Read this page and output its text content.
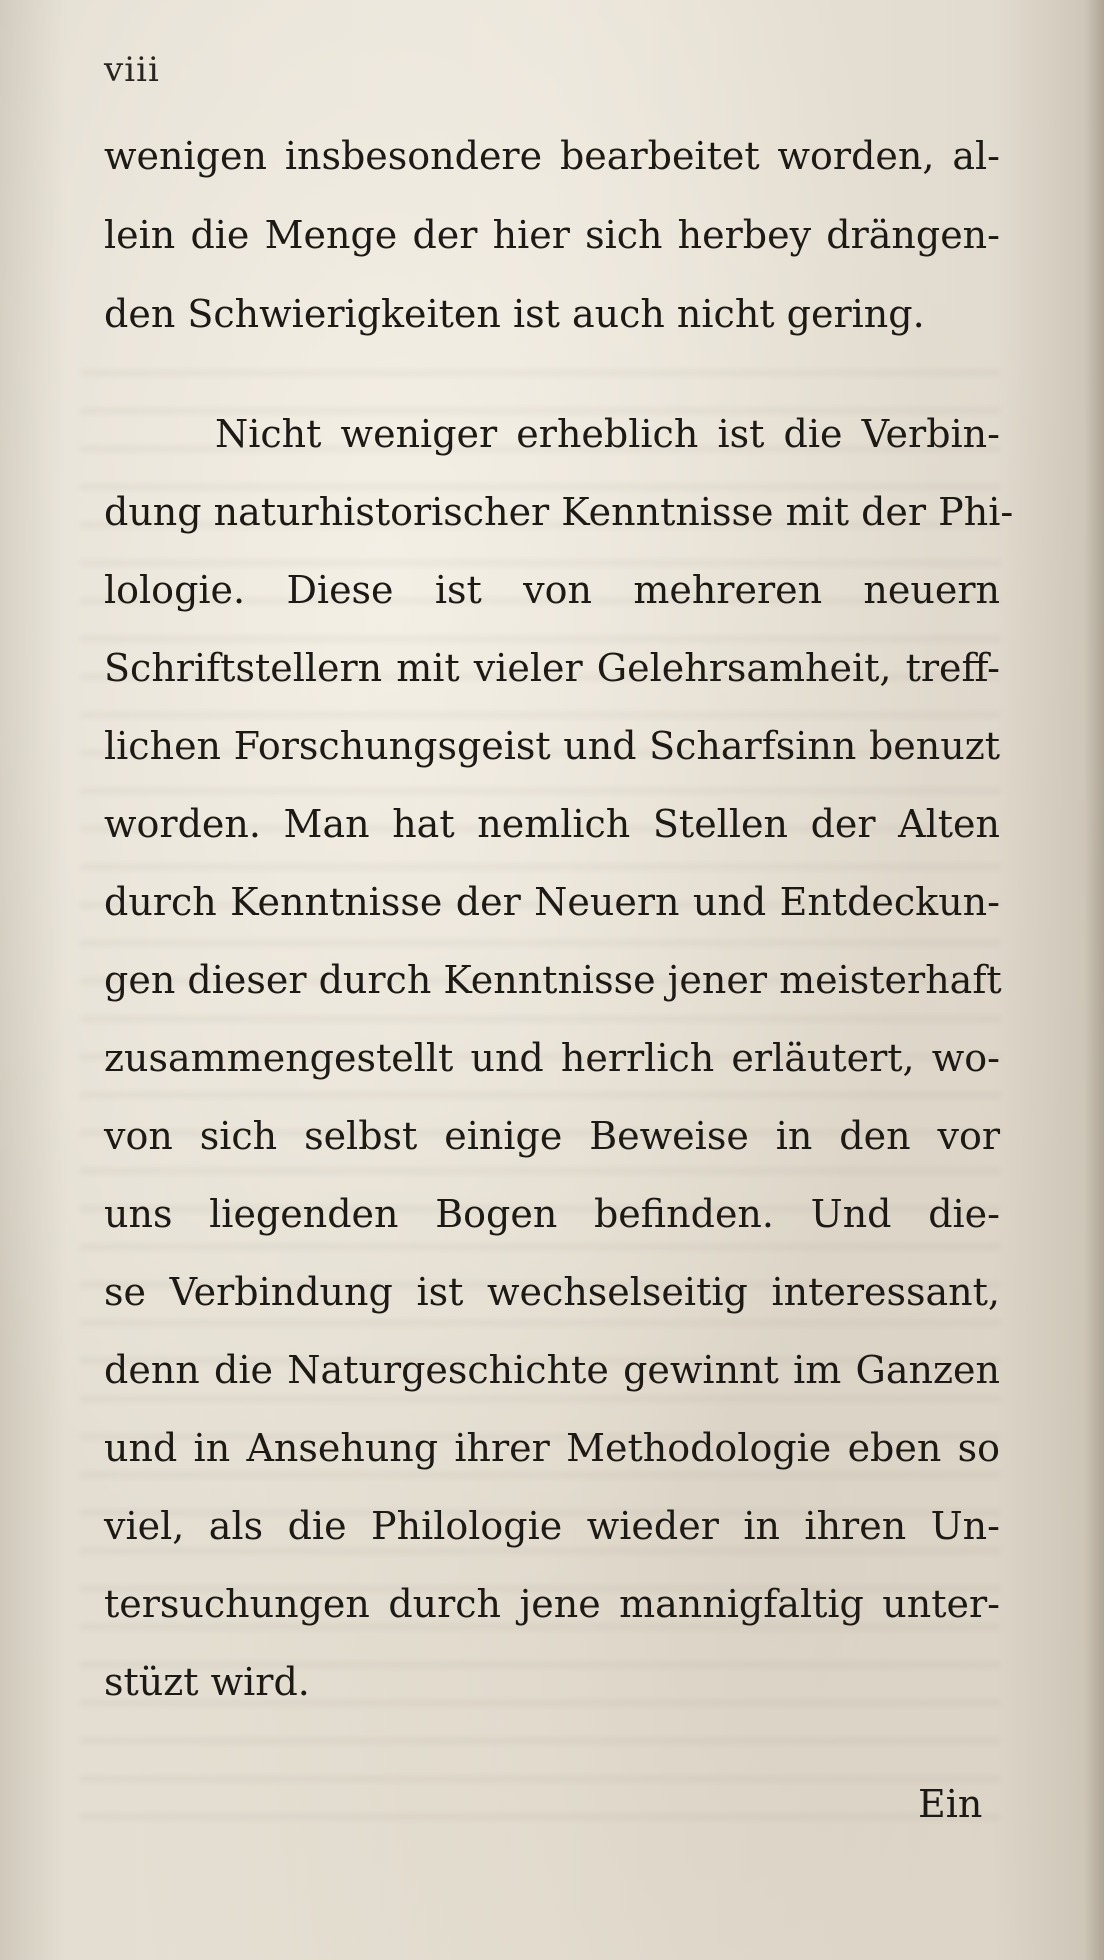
viii
wenigen insbesondere bearbeitet worden, al-
lein die Menge der hier sich herbey drängen-
den Schwierigkeiten ist auch nicht gering.
Nicht weniger erheblich ist die Verbin-
dung naturhistorischer Kenntnisse mit der Phi-
lologie. Diese ist von mehreren neuern
Schriftstellern mit vieler Gelehrsamheit, treff-
lichen Forschungsgeist und Scharfsinn benuzt
worden. Man hat nemlich Stellen der Alten
durch Kenntnisse der Neuern und Entdeckun-
gen dieser durch Kenntnisse jener meisterhaft
zusammengestellt und herrlich erläutert, wo-
von sich selbst einige Beweise in den vor
uns liegenden Bogen befinden. Und die-
se Verbindung ist wechselseitig interessant,
denn die Naturgeschichte gewinnt im Ganzen
und in Ansehung ihrer Methodologie eben so
viel, als die Philologie wieder in ihren Un-
tersuchungen durch jene mannigfaltig unter-
stüzt wird.
Ein
